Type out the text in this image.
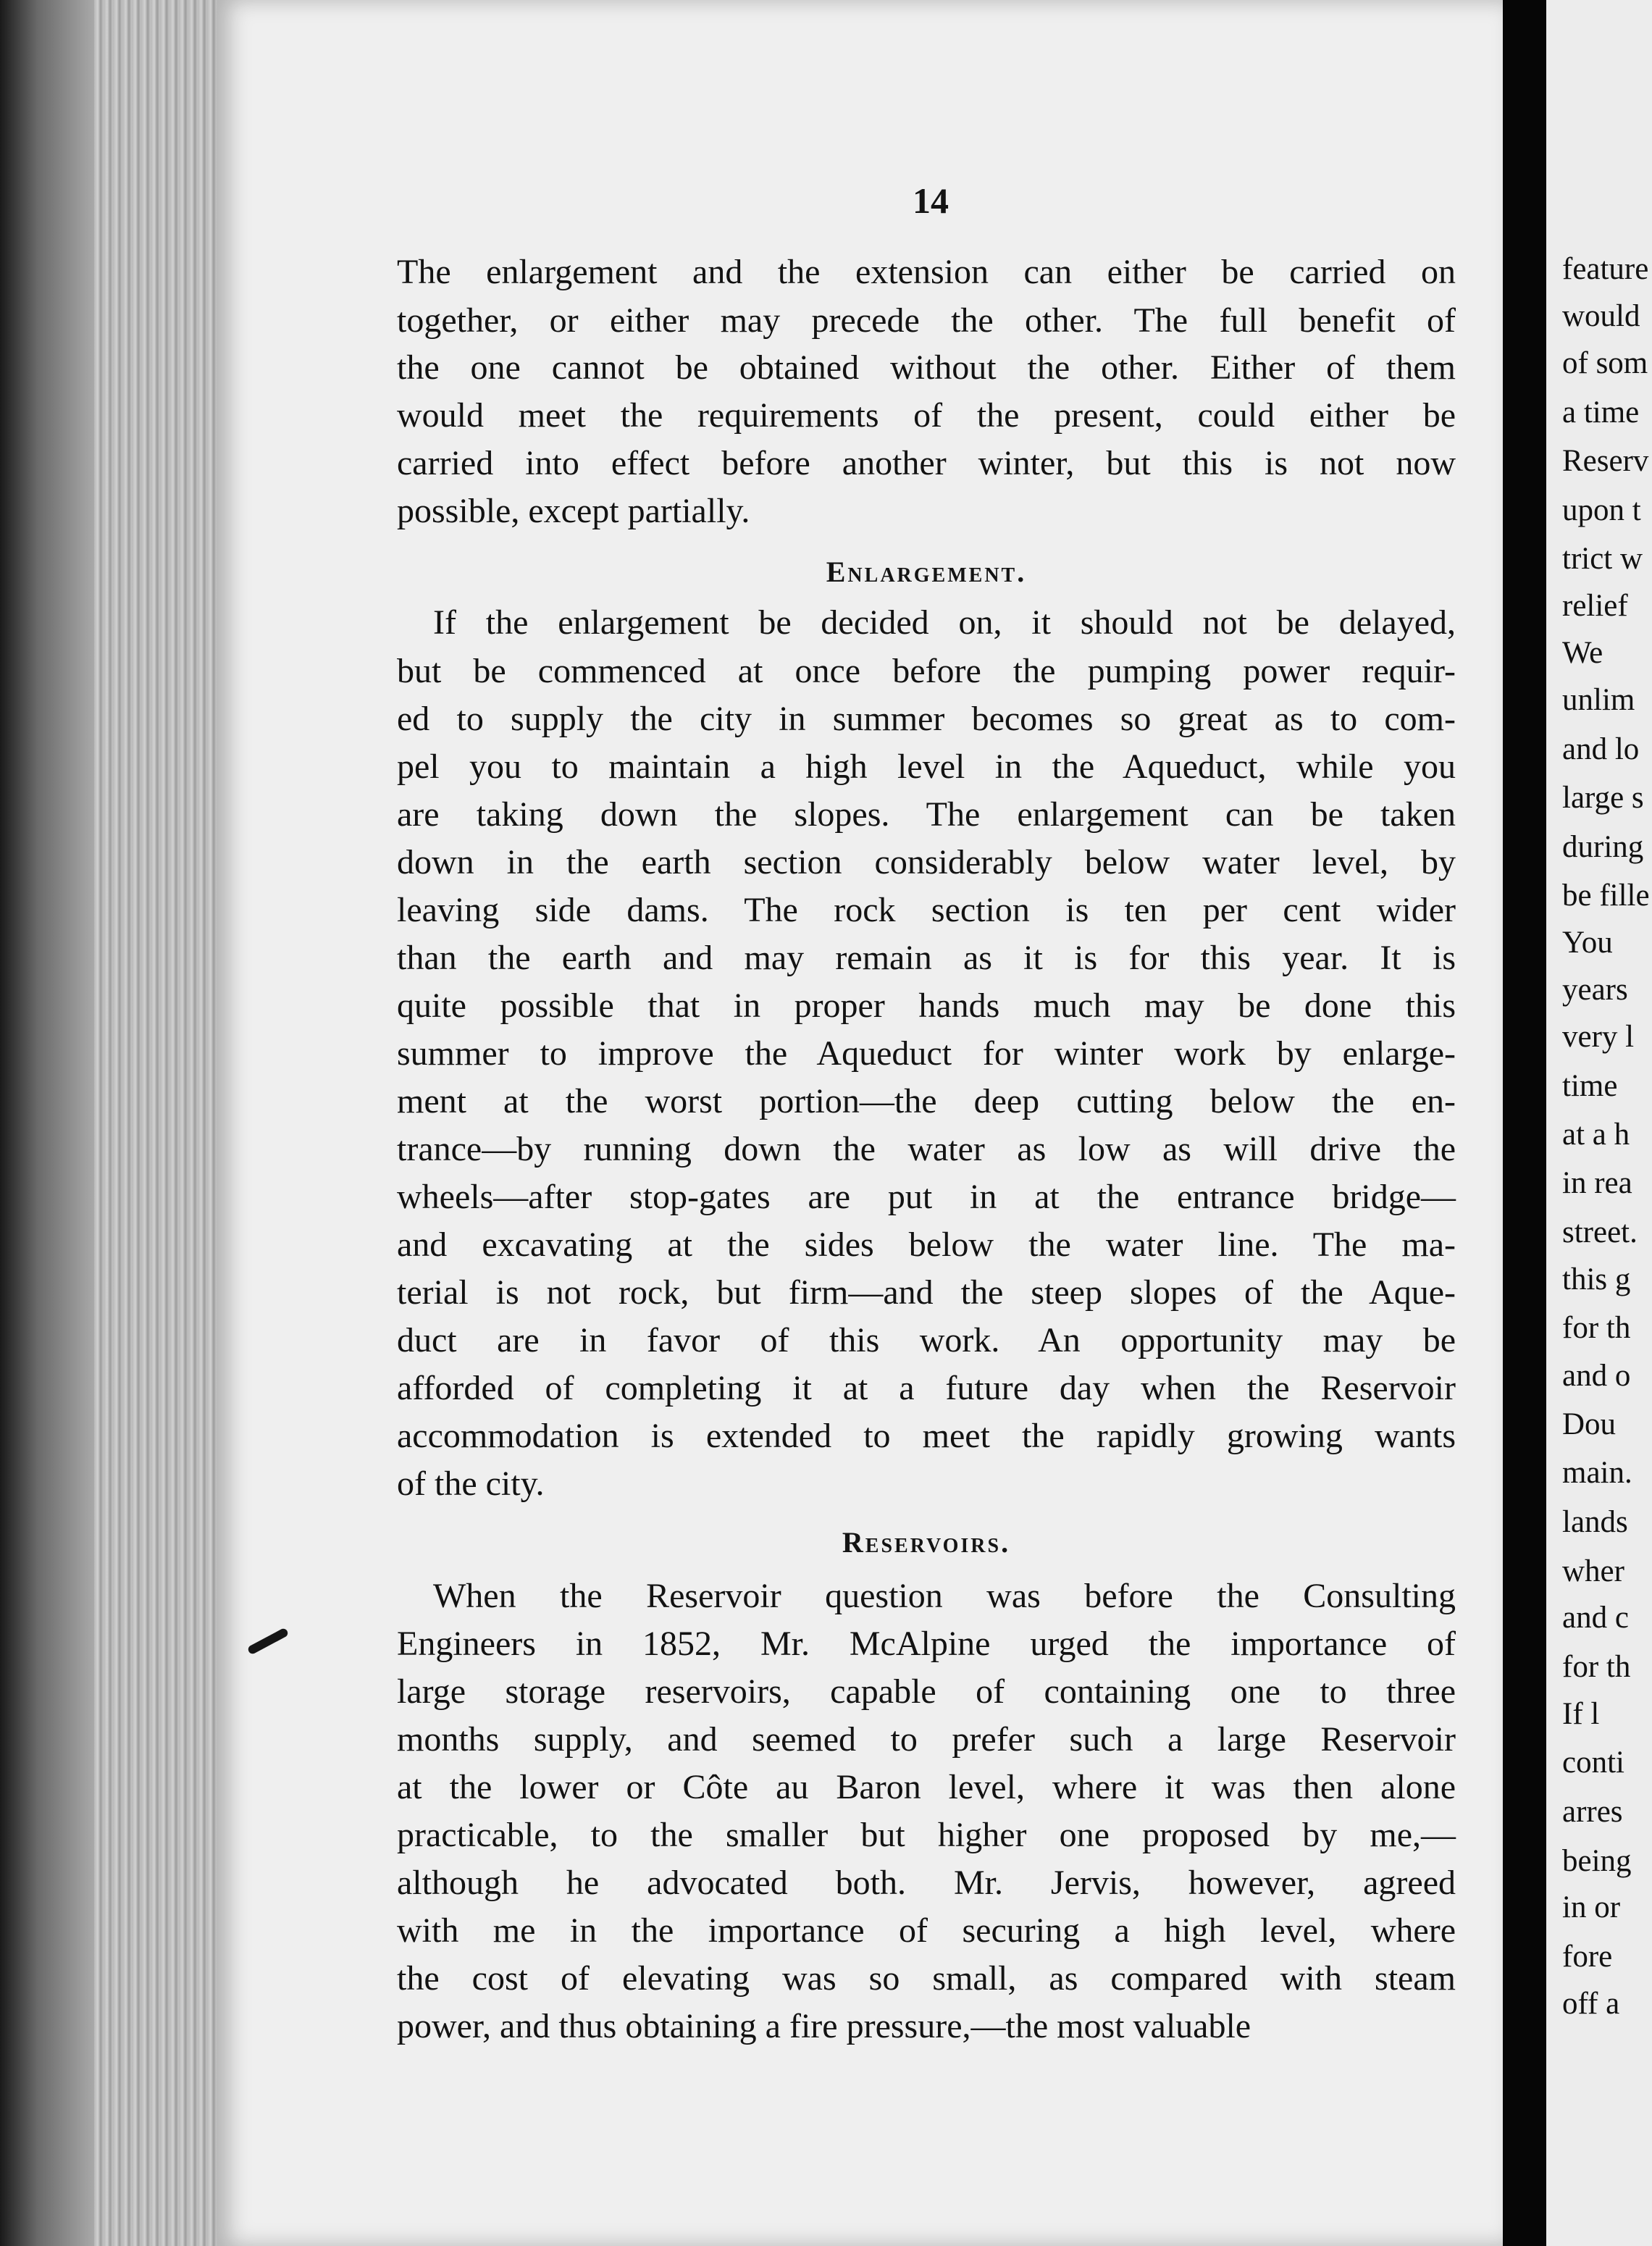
14
The enlargement and the extension can either be carried on
together, or either may precede the other. The full benefit of
the one cannot be obtained without the other. Either of them
would meet the requirements of the present, could either be
carried into effect before another winter, but this is not now
possible, except partially.
If the enlargement be decided on, it should not be delayed,
but be commenced at once before the pumping power requir-
ed to supply the city in summer becomes so great as to com-
pel you to maintain a high level in the Aqueduct, while you
are taking down the slopes. The enlargement can be taken
down in the earth section considerably below water level, by
leaving side dams. The rock section is ten per cent wider
than the earth and may remain as it is for this year. It is
quite possible that in proper hands much may be done this
summer to improve the Aqueduct for winter work by enlarge-
ment at the worst portion—the deep cutting below the en-
trance—by running down the water as low as will drive the
wheels—after stop-gates are put in at the entrance bridge—
and excavating at the sides below the water line. The ma-
terial is not rock, but firm—and the steep slopes of the Aque-
duct are in favor of this work. An opportunity may be
afforded of completing it at a future day when the Reservoir
accommodation is extended to meet the rapidly growing wants
of the city.
When the Reservoir question was before the Consulting
Engineers in 1852, Mr. McAlpine urged the importance of
large storage reservoirs, capable of containing one to three
months supply, and seemed to prefer such a large Reservoir
at the lower or Côte au Baron level, where it was then alone
practicable, to the smaller but higher one proposed by me,—
although he advocated both. Mr. Jervis, however, agreed
with me in the importance of securing a high level, where
the cost of elevating was so small, as compared with steam
power, and thus obtaining a fire pressure,—the most valuable
Enlargement.
Reservoirs.
feature
would
of som
a time
Reserv
upon t
trict w
relief
We
unlim
and lo
large s
during
be fille
You
years
very l
time
at a h
in rea
street.
this g
for th
and o
Dou
main.
lands
wher
and c
for th
If l
conti
arres
being
in or
fore
off a
